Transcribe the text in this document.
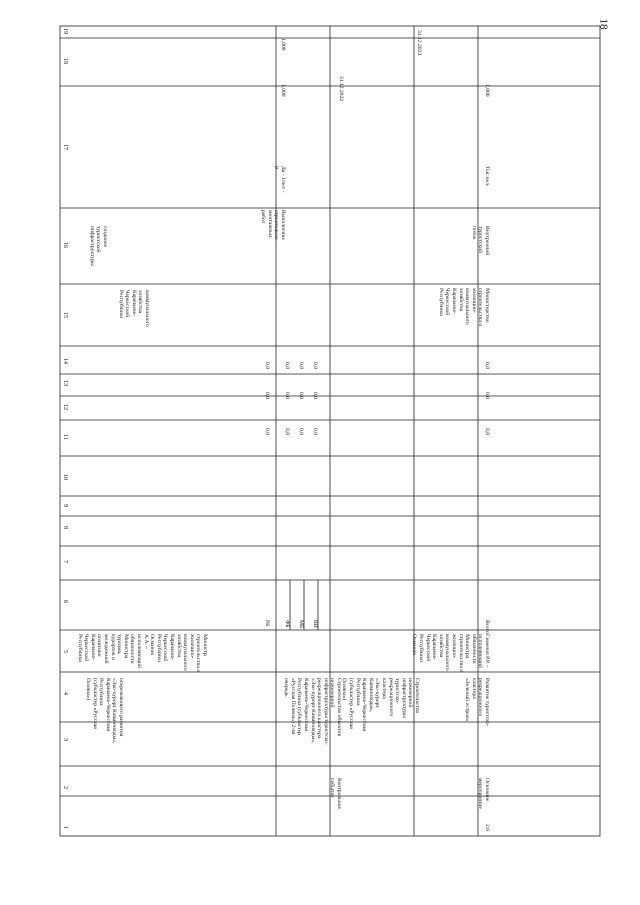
18
1
2
3
4
5
6
7
8
9
10
11
12
13
14
15
16
17
18
19
опережающего развития
«Эко-курорт Кавминводы»,
Карачаево-Черкесская
Республика
(субкластер «Русская
Поляна»)
Министр
строительства и
жилищно-
коммунального
хозяйства
Карачаево-
Черкесской
Республики
Османов
А.А. –
исполняющий
обязанности
Министра
туризма,
курортов и
молодежной
политики
Карачаево-
Черкесской
Республики
коммунального
хозяйства
Карачаево-
Черкесской
Республики
создание
туристской
инфраструктуры
РБ
0,0
0,0
0,0
ФБ
0,0
0,0
0,0
МБ
0,0
0,0
0,0
ВИ
0,0
0,0
0,0
Выполнение
строительно -
монтажных
работ
Да - 1/нет -
0
1,000
1,000
Контрольное
событие
Строительство объектов
инженерной
инфраструктуры туристско-
рекреационного кластера
«Эко-курорт Кавминводы»,
Карачаево-Черкесская
Республика (субкластер
«Русская Поляна») 2-ая
очередь
31.12.2022
Строительство инженерной
инфраструктуры туристско-
рекреационного кластера
«Эко-курорт Кавминводы»,
Карачаево-Черкесская
Республика
(субкластер «Русская
Поляна»)
31.12.2023
2.6
Основное
мероприятие
Развитие туристско-
рекреационного кластера
«Зеленый остров»
Семенов Р.Р. –
исполняющий
обязанности
Министра
строительства и
жилищно-
коммунального
хозяйства
Карачаево-
Черкесской
Республики
Османов
Всего
0,0
0,0
0,0
Министерство
строительства и
жилищно-
коммунального
хозяйства
Карачаево-
Черкесской
Республики
Внутренний
туристский
поток
Тыс.чел.
1,000
